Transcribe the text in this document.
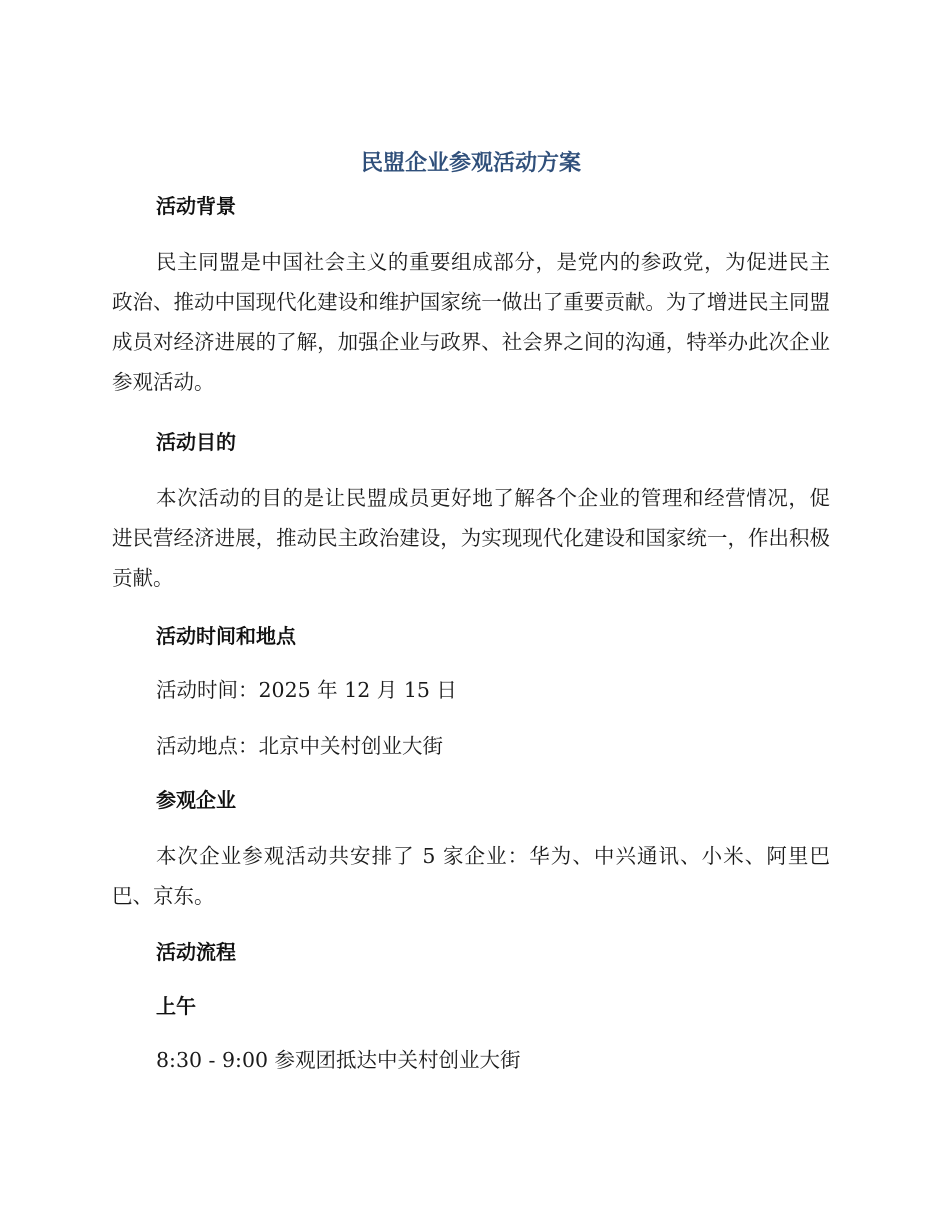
民盟企业参观活动方案
活动背景

民主同盟是中国社会主义的重要组成部分，是党内的参政党，为促进民主政治、推动中国现代化建设和维护国家统一做出了重要贡献。为了增进民主同盟成员对经济进展的了解，加强企业与政界、社会界之间的沟通，特举办此次企业参观活动。

活动目的

本次活动的目的是让民盟成员更好地了解各个企业的管理和经营情况，促进民营经济进展，推动民主政治建设，为实现现代化建设和国家统一，作出积极贡献。

活动时间和地点

活动时间：2025 年 12 月 15 日

活动地点：北京中关村创业大街

参观企业

本次企业参观活动共安排了 5 家企业：华为、中兴通讯、小米、阿里巴巴、京东。

活动流程
上午

8:30 - 9:00 参观团抵达中关村创业大街
